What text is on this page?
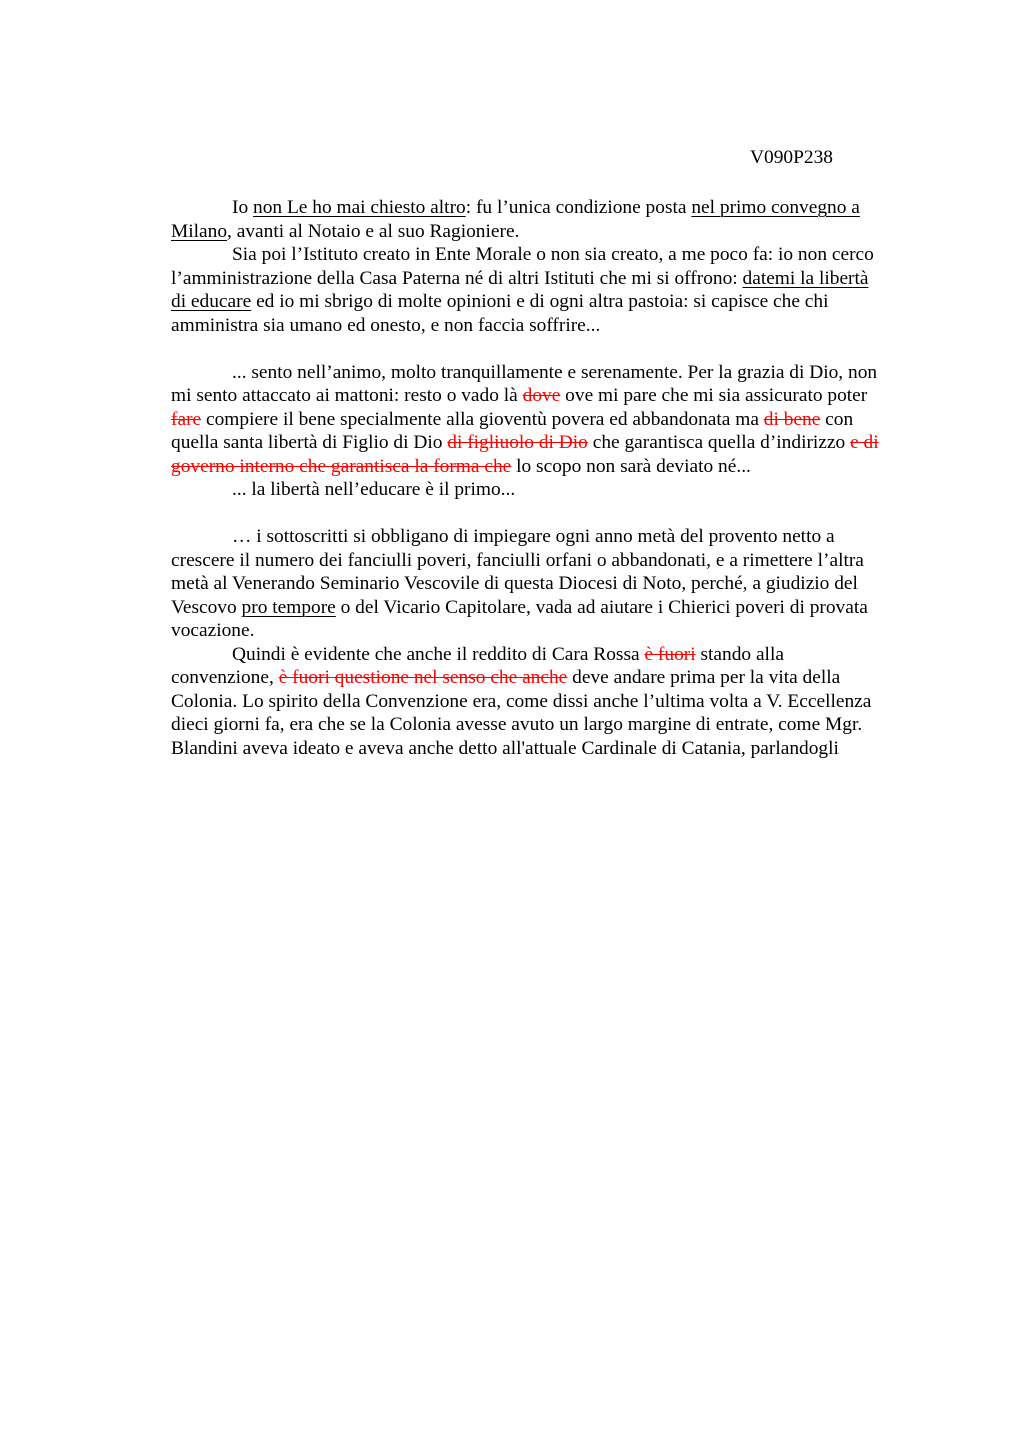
V090P238
Io non Le ho mai chiesto altro: fu l’unica condizione posta nel primo convegno a
Milano, avanti al Notaio e al suo Ragioniere.
Sia poi l’Istituto creato in Ente Morale o non sia creato, a me poco fa: io non cerco
l’amministrazione della Casa Paterna né di altri Istituti che mi si offrono: datemi la libertà
di educare ed io mi sbrigo di molte opinioni e di ogni altra pastoia: si capisce che chi
amministra sia umano ed onesto, e non faccia soffrire...
... sento nell’animo, molto tranquillamente e serenamente. Per la grazia di Dio, non
mi sento attaccato ai mattoni: resto o vado là dove ove mi pare che mi sia assicurato poter
fare compiere il bene specialmente alla gioventù povera ed abbandonata ma di bene con
quella santa libertà di Figlio di Dio di figliuolo di Dio che garantisca quella d’indirizzo e di
governo interno che garantisca la forma che lo scopo non sarà deviato né...
... la libertà nell’educare è il primo...
… i sottoscritti si obbligano di impiegare ogni anno metà del provento netto a
crescere il numero dei fanciulli poveri, fanciulli orfani o abbandonati, e a rimettere l’altra
metà al Venerando Seminario Vescovile di questa Diocesi di Noto, perché, a giudizio del
Vescovo pro tempore o del Vicario Capitolare, vada ad aiutare i Chierici poveri di provata
vocazione.
Quindi è evidente che anche il reddito di Cara Rossa è fuori stando alla
convenzione, è fuori questione nel senso che anche deve andare prima per la vita della
Colonia. Lo spirito della Convenzione era, come dissi anche l’ultima volta a V. Eccellenza
dieci giorni fa, era che se la Colonia avesse avuto un largo margine di entrate, come Mgr.
Blandini aveva ideato e aveva anche detto all'attuale Cardinale di Catania, parlandogli
